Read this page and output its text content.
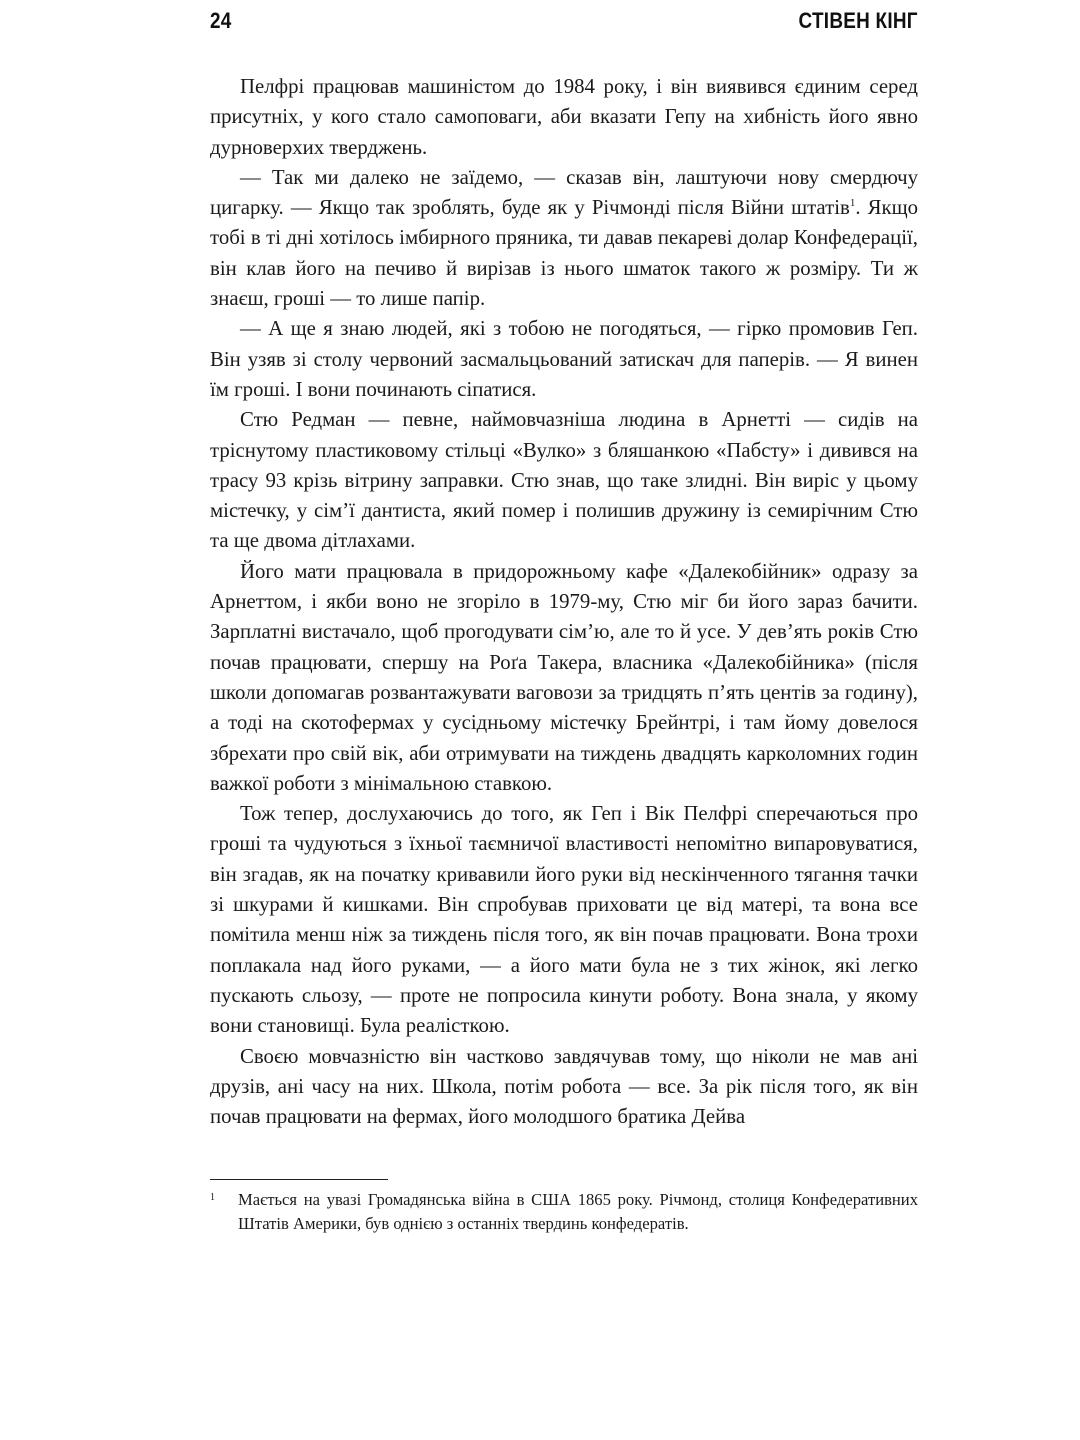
24	СТІВЕН КІНГ

Пелфрі працював машиністом до 1984 року, і він виявився єдиним серед присутніх, у кого стало самоповаги, аби вказати Гепу на хибність його явно дурноверхих тверджень.

— Так ми далеко не заїдемо, — сказав він, лаштуючи нову смердючу цигарку. — Якщо так зроблять, буде як у Річмонді після Війни штатів$^1$. Якщо тобі в ті дні хотілось імбирного пряника, ти давав пекареві долар Конфедерації, він клав його на печиво й вирізав із нього шматок такого ж розміру. Ти ж знаєш, гроші — то лише папір.

— А ще я знаю людей, які з тобою не погодяться, — гірко промовив Геп. Він узяв зі столу червоний засмальцьований затискач для паперів. — Я винен їм гроші. І вони починають сіпатися.

Стю Редман — певне, наймовчазніша людина в Арнетті — сидів на тріснутому пластиковому стільці «Вулко» з бляшанкою «Пабсту» і дивився на трасу 93 крізь вітрину заправки. Стю знав, що таке злидні. Він виріс у цьому містечку, у сім’ї дантиста, який помер і полишив дружину із семирічним Стю та ще двома дітлахами.

Його мати працювала в придорожньому кафе «Далекобійник» одразу за Арнеттом, і якби воно не згоріло в 1979-му, Стю міг би його зараз бачити. Зарплатні вистачало, щоб прогодувати сім’ю, але то й усе. У дев’ять років Стю почав працювати, спершу на Роґа Такера, власника «Далекобійника» (після школи допомагав розвантажувати ваговози за тридцять п’ять центів за годину), а тоді на скотофермах у сусідньому містечку Брейнтрі, і там йому довелося збрехати про свій вік, аби отримувати на тиждень двадцять карколомних годин важкої роботи з мінімальною ставкою.

Тож тепер, дослухаючись до того, як Геп і Вік Пелфрі сперечаються про гроші та чудуються з їхньої таємничої властивості непомітно випаровуватися, він згадав, як на початку кривавили його руки від нескінченного тягання тачки зі шкурами й кишками. Він спробував приховати це від матері, та вона все помітила менш ніж за тиждень після того, як він почав працювати. Вона трохи поплакала над його руками, — а його мати була не з тих жінок, які легко пускають сльозу, — проте не попросила кинути роботу. Вона знала, у якому вони становищі. Була реалісткою.

Своєю мовчазністю він частково завдячував тому, що ніколи не мав ані друзів, ані часу на них. Школа, потім робота — все. За рік після того, як він почав працювати на фермах, його молодшого братика Дейва

1 Мається на увазі Громадянська війна в США 1865 року. Річмонд, столиця Конфедеративних Штатів Америки, був однією з останніх твердинь конфедератів.
